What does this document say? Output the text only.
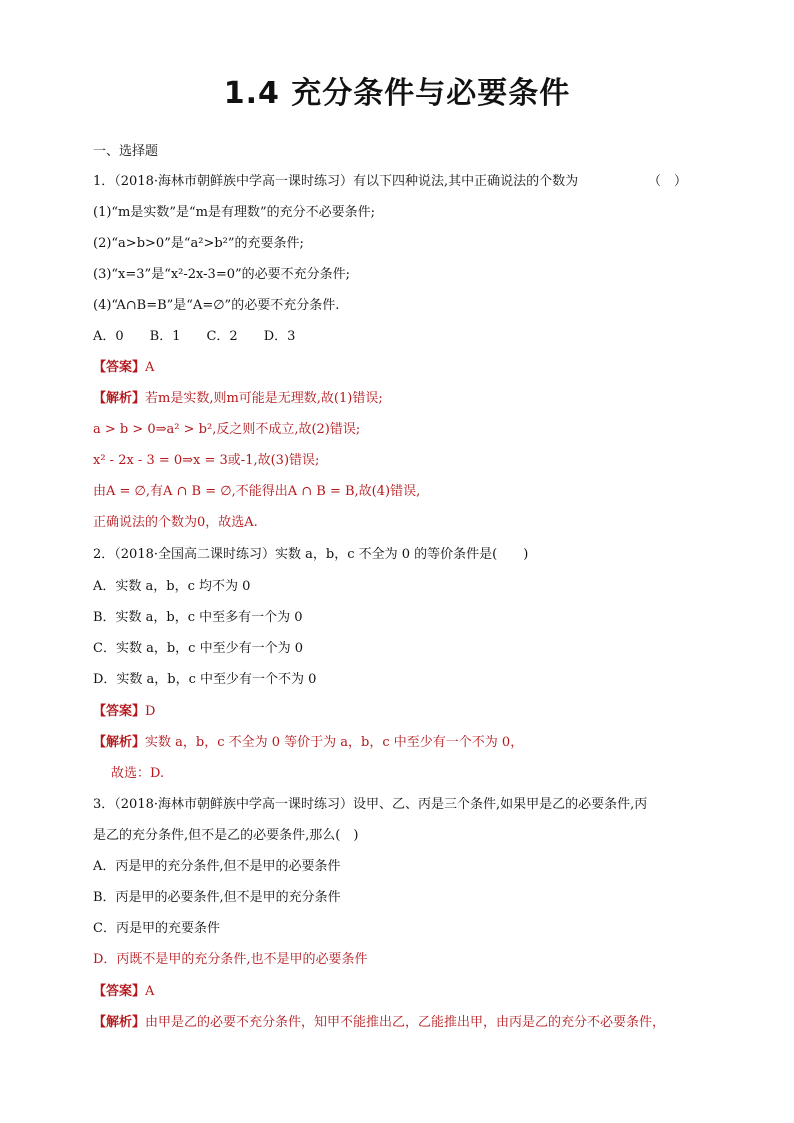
1.4 充分条件与必要条件
一、选择题
1．（2018·海林市朝鲜族中学高一课时练习）有以下四种说法,其中正确说法的个数为	（　）
(1)“m是实数”是“m是有理数”的充分不必要条件;
(2)“a>b>0”是“a²>b²”的充要条件;
(3)“x=3”是“x²-2x-3=0”的必要不充分条件;
(4)“A∩B=B”是“A=∅”的必要不充分条件.
A．0　　B．1　　C．2　　D．3
【答案】A
【解析】若m是实数,则m可能是无理数,故(1)错误;
a > b > 0⇒a² > b²,反之则不成立,故(2)错误;
x² - 2x - 3 = 0⇒x = 3或-1,故(3)错误;
由A = ∅,有A ∩ B = ∅,不能得出A ∩ B = B,故(4)错误,
正确说法的个数为0，故选A.
2．（2018·全国高二课时练习）实数 a，b，c 不全为 0 的等价条件是(　　)
A．实数 a，b，c 均不为 0
B．实数 a，b，c 中至多有一个为 0
C．实数 a，b，c 中至少有一个为 0
D．实数 a，b，c 中至少有一个不为 0
【答案】D
【解析】实数 a，b，c 不全为 0 等价于为 a，b，c 中至少有一个不为 0，
故选：D.
3．（2018·海林市朝鲜族中学高一课时练习）设甲、乙、丙是三个条件,如果甲是乙的必要条件,丙
是乙的充分条件,但不是乙的必要条件,那么(　)
A．丙是甲的充分条件,但不是甲的必要条件
B．丙是甲的必要条件,但不是甲的充分条件
C．丙是甲的充要条件
D．丙既不是甲的充分条件,也不是甲的必要条件
【答案】A
【解析】由甲是乙的必要不充分条件，知甲不能推出乙，乙能推出甲，由丙是乙的充分不必要条件，
